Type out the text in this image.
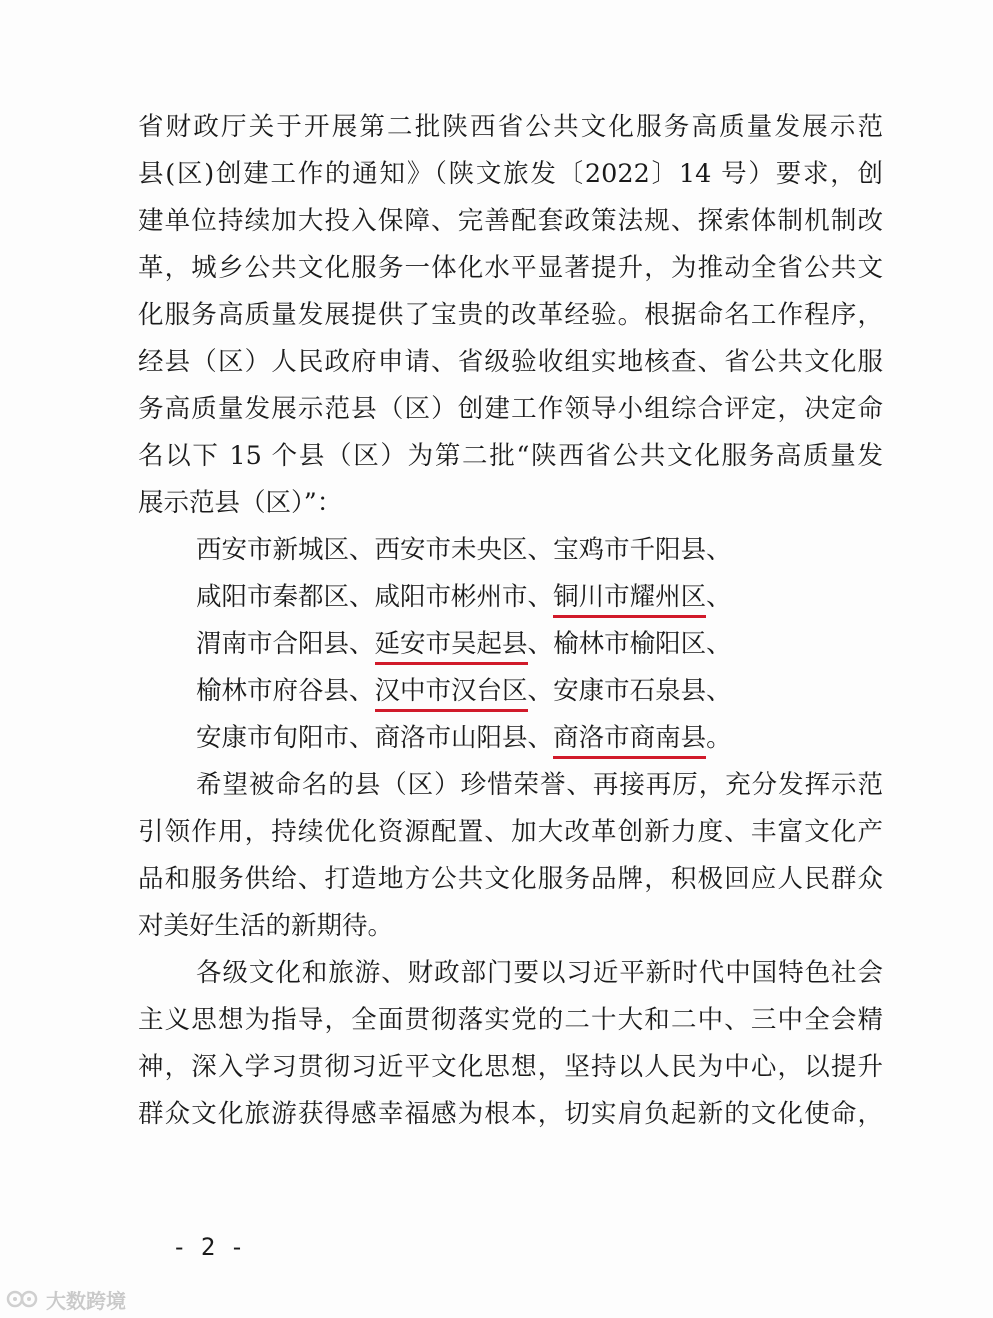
省财政厅关于开展第二批陕西省公共文化服务高质量发展示范
县(区)创建工作的通知》（陕文旅发〔2022〕14 号）要求，创
建单位持续加大投入保障、完善配套政策法规、探索体制机制改
革，城乡公共文化服务一体化水平显著提升，为推动全省公共文
化服务高质量发展提供了宝贵的改革经验。根据命名工作程序，
经县（区）人民政府申请、省级验收组实地核查、省公共文化服
务高质量发展示范县（区）创建工作领导小组综合评定，决定命
名以下 15 个县（区）为第二批“陕西省公共文化服务高质量发
展示范县（区）”：
西安市新城区、西安市未央区、宝鸡市千阳县、
咸阳市秦都区、咸阳市彬州市、铜川市耀州区、
渭南市合阳县、延安市吴起县、榆林市榆阳区、
榆林市府谷县、汉中市汉台区、安康市石泉县、
安康市旬阳市、商洛市山阳县、商洛市商南县。
希望被命名的县（区）珍惜荣誉、再接再厉，充分发挥示范
引领作用，持续优化资源配置、加大改革创新力度、丰富文化产
品和服务供给、打造地方公共文化服务品牌，积极回应人民群众
对美好生活的新期待。
各级文化和旅游、财政部门要以习近平新时代中国特色社会
主义思想为指导，全面贯彻落实党的二十大和二中、三中全会精
神，深入学习贯彻习近平文化思想，坚持以人民为中心，以提升
群众文化旅游获得感幸福感为根本，切实肩负起新的文化使命，
- 2 -
大数跨境
